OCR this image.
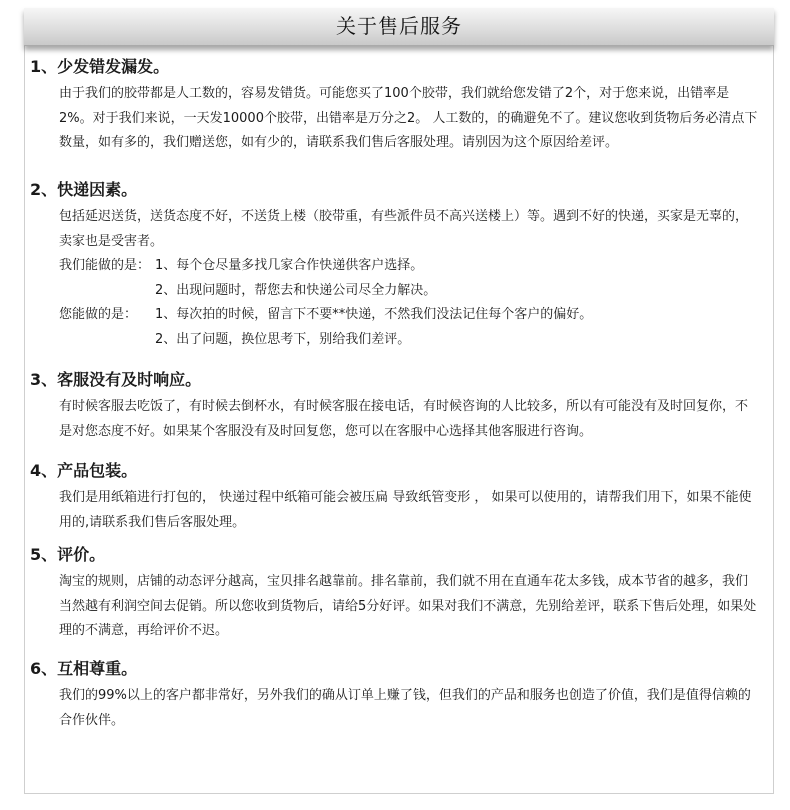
关于售后服务
1、少发错发漏发。
由于我们的胶带都是人工数的，容易发错货。可能您买了100个胶带，我们就给您发错了2个，对于您来说，出错率是2%。对于我们来说，一天发10000个胶带，出错率是万分之2。 人工数的，的确避免不了。建议您收到货物后务必清点下数量，如有多的，我们赠送您，如有少的，请联系我们售后客服处理。请别因为这个原因给差评。
2、快递因素。
包括延迟送货，送货态度不好，不送货上楼（胶带重，有些派件员不高兴送楼上）等。遇到不好的快递，买家是无辜的，卖家也是受害者。
我们能做的是： 1、每个仓尽量多找几家合作快递供客户选择。
2、出现问题时，帮您去和快递公司尽全力解决。
您能做的是： 1、每次拍的时候，留言下不要**快递，不然我们没法记住每个客户的偏好。
2、出了问题，换位思考下，别给我们差评。
3、客服没有及时响应。
有时候客服去吃饭了，有时候去倒杯水，有时候客服在接电话，有时候咨询的人比较多，所以有可能没有及时回复你，不是对您态度不好。如果某个客服没有及时回复您，您可以在客服中心选择其他客服进行咨询。
4、产品包装。
我们是用纸箱进行打包的， 快递过程中纸箱可能会被压扁 导致纸管变形 ， 如果可以使用的，请帮我们用下，如果不能使用的,请联系我们售后客服处理。
5、评价。
淘宝的规则，店铺的动态评分越高，宝贝排名越靠前。排名靠前，我们就不用在直通车花太多钱，成本节省的越多，我们当然越有利润空间去促销。所以您收到货物后，请给5分好评。如果对我们不满意，先别给差评，联系下售后处理，如果处理的不满意，再给评价不迟。
6、互相尊重。
我们的99%以上的客户都非常好，另外我们的确从订单上赚了钱，但我们的产品和服务也创造了价值，我们是值得信赖的合作伙伴。
